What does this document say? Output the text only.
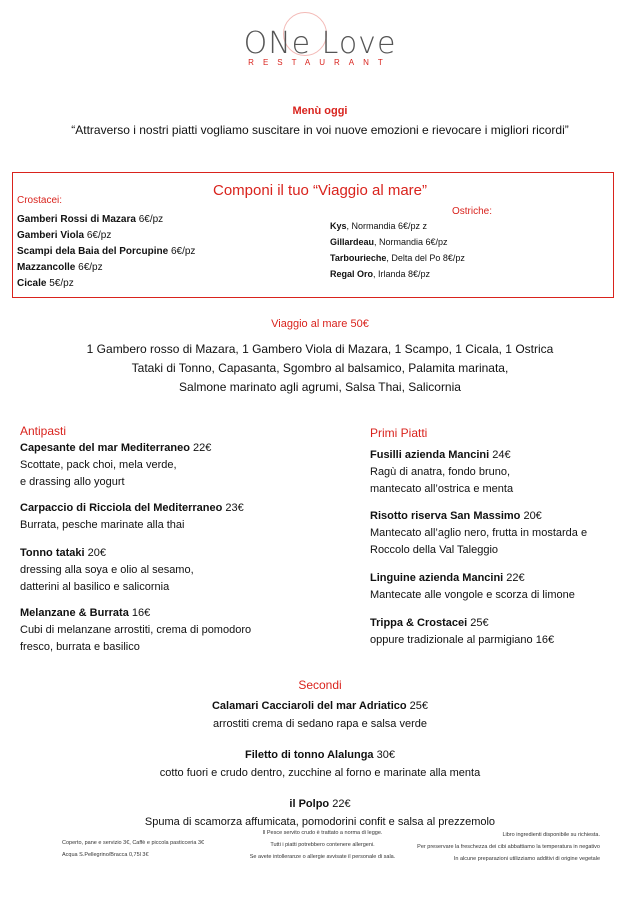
ONe Love
RESTAURANT
Menù oggi
“Attraverso i nostri piatti vogliamo suscitare in voi nuove emozioni e rievocare i migliori ricordi”
Componi il tuo “Viaggio al mare”
Crostacei:
Gamberi Rossi di Mazara 6€/pz
Gamberi Viola 6€/pz
Scampi dela Baia del Porcupine 6€/pz
Mazzancolle 6€/pz
Cicale 5€/pz
Ostriche:
Kys, Normandia 6€/pz z
Gillardeau, Normandia 6€/pz
Tarbourieche, Delta del Po 8€/pz
Regal Oro, Irlanda 8€/pz
Viaggio al mare 50€
1 Gambero rosso di Mazara, 1 Gambero Viola di Mazara, 1 Scampo, 1 Cicala, 1 Ostrica
Tataki di Tonno, Capasanta, Sgombro al balsamico, Palamita marinata,
Salmone marinato agli agrumi, Salsa Thai, Salicornia
Antipasti
Capesante del mar Mediterraneo 22€
Scottate, pack choi, mela verde,
e drassing allo yogurt
Carpaccio di Ricciola del Mediterraneo 23€
Burrata, pesche marinate alla thai
Tonno tataki 20€
dressing alla soya e olio al sesamo,
datterini al basilico e salicornia
Melanzane & Burrata 16€
Cubi di melanzane arrostiti, crema di pomodoro
fresco, burrata e basilico
Primi Piatti
Fusilli azienda Mancini 24€
Ragù di anatra, fondo bruno,
mantecato all’ostrica e menta
Risotto riserva San Massimo 20€
Mantecato all’aglio nero, frutta in mostarda e
Roccolo della Val Taleggio
Linguine azienda Mancini 22€
Mantecate alle vongole e scorza di limone
Trippa & Crostacei 25€
oppure tradizionale al parmigiano 16€
Secondi
Calamari Cacciaroli del mar Adriatico 25€
arrostiti crema di sedano rapa e salsa verde
Filetto di tonno Alalunga 30€
cotto fuori e crudo dentro, zucchine al forno e marinate alla menta
il Polpo 22€
Spuma di scamorza affumicata, pomodorini confit e salsa al prezzemolo
Coperto, pane e servizio 3€, Caffè e piccola pasticceria 3€
Acqua S.Pellegrino/Bracca 0,75l 3€
Il Pesce servito crudo è trattato a norma di legge.
Tutti i piatti potrebbero contenere allergeni.
Se avete intolleranze o allergie avvisate il personale di sala.
Libro ingredienti disponibile su richiesta.
Per preservare la freschezza dei cibi abbattiamo la temperatura in negativo
In alcune preparazioni utilizziamo additivi di origine vegetale
